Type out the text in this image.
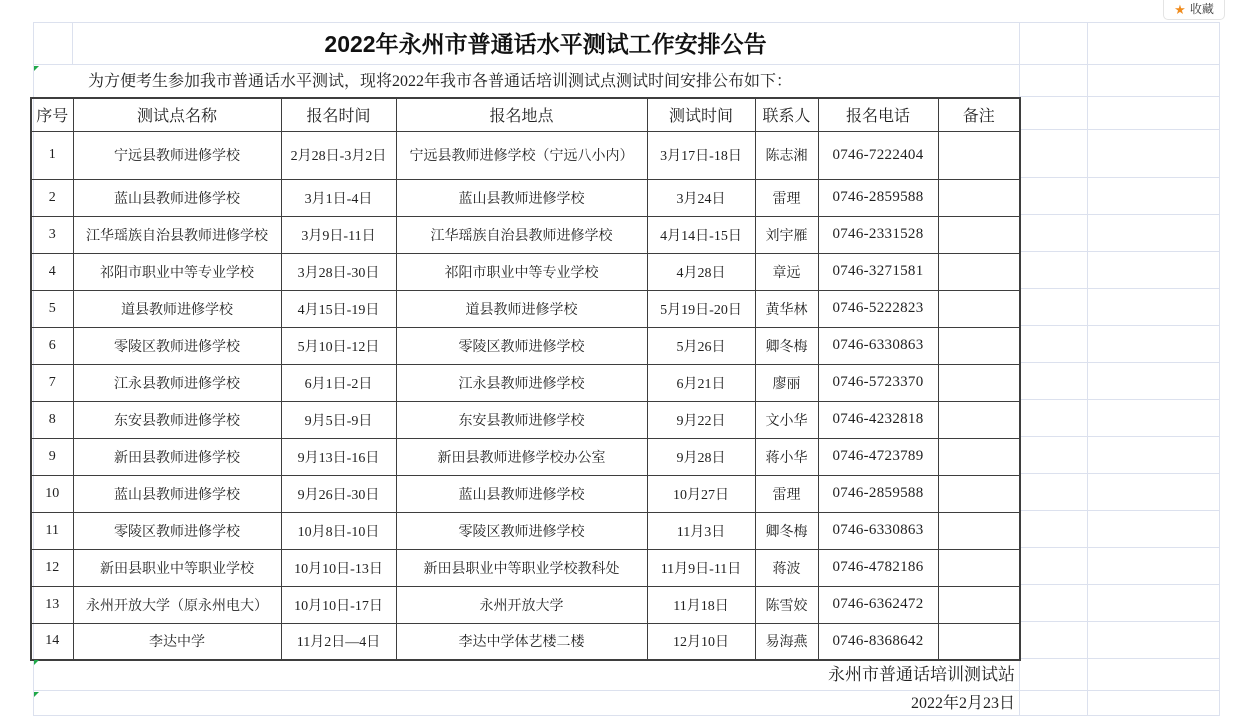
2022年永州市普通话水平测试工作安排公告
为方便考生参加我市普通话水平测试，现将2022年我市各普通话培训测试点测试时间安排公布如下：
序号	测试点名称	报名时间	报名地点	测试时间	联系人	报名电话	备注
1	宁远县教师进修学校	2月28日-3月2日	宁远县教师进修学校（宁远八小内）	3月17日-18日	陈志湘	0746-7222404	
2	蓝山县教师进修学校	3月1日-4日	蓝山县教师进修学校	3月24日	雷理	0746-2859588	
3	江华瑶族自治县教师进修学校	3月9日-11日	江华瑶族自治县教师进修学校	4月14日-15日	刘宇雁	0746-2331528	
4	祁阳市职业中等专业学校	3月28日-30日	祁阳市职业中等专业学校	4月28日	章远	0746-3271581	
5	道县教师进修学校	4月15日-19日	道县教师进修学校	5月19日-20日	黄华林	0746-5222823	
6	零陵区教师进修学校	5月10日-12日	零陵区教师进修学校	5月26日	卿冬梅	0746-6330863	
7	江永县教师进修学校	6月1日-2日	江永县教师进修学校	6月21日	廖丽	0746-5723370	
8	东安县教师进修学校	9月5日-9日	东安县教师进修学校	9月22日	文小华	0746-4232818	
9	新田县教师进修学校	9月13日-16日	新田县教师进修学校办公室	9月28日	蒋小华	0746-4723789	
10	蓝山县教师进修学校	9月26日-30日	蓝山县教师进修学校	10月27日	雷理	0746-2859588	
11	零陵区教师进修学校	10月8日-10日	零陵区教师进修学校	11月3日	卿冬梅	0746-6330863	
12	新田县职业中等职业学校	10月10日-13日	新田县职业中等职业学校教科处	11月9日-11日	蒋波	0746-4782186	
13	永州开放大学（原永州电大）	10月10日-17日	永州开放大学	11月18日	陈雪姣	0746-6362472	
14	李达中学	11月2日—4日	李达中学体艺楼二楼	12月10日	易海燕	0746-8368642	
永州市普通话培训测试站
2022年2月23日
★ 收藏
